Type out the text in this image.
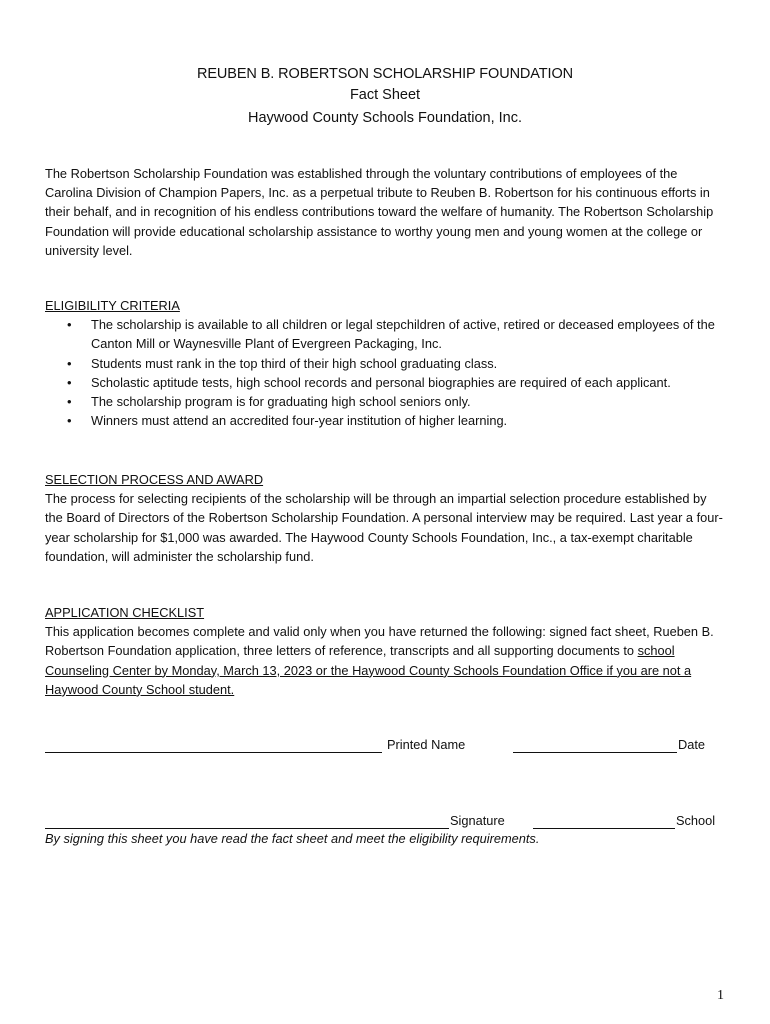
REUBEN B. ROBERTSON SCHOLARSHIP FOUNDATION
Fact Sheet
Haywood County Schools Foundation, Inc.

The Robertson Scholarship Foundation was established through the voluntary contributions of employees of the Carolina Division of Champion Papers, Inc. as a perpetual tribute to Reuben B. Robertson for his continuous efforts in their behalf, and in recognition of his endless contributions toward the welfare of humanity. The Robertson Scholarship Foundation will provide educational scholarship assistance to worthy young men and young women at the college or university level.

ELIGIBILITY CRITERIA
• The scholarship is available to all children or legal stepchildren of active, retired or deceased employees of the Canton Mill or Waynesville Plant of Evergreen Packaging, Inc.
• Students must rank in the top third of their high school graduating class.
• Scholastic aptitude tests, high school records and personal biographies are required of each applicant.
• The scholarship program is for graduating high school seniors only.
• Winners must attend an accredited four-year institution of higher learning.
SELECTION PROCESS AND AWARD

The process for selecting recipients of the scholarship will be through an impartial selection procedure established by the Board of Directors of the Robertson Scholarship Foundation. A personal interview may be required. Last year a four-year scholarship for $1,000 was awarded. The Haywood County Schools Foundation, Inc., a tax-exempt charitable foundation, will administer the scholarship fund.

APPLICATION CHECKLIST

This application becomes complete and valid only when you have returned the following: signed fact sheet, Rueben B. Robertson Foundation application, three letters of reference, transcripts and all supporting documents to school Counseling Center by Monday, March 13, 2023 or the Haywood County Schools Foundation Office if you are not a Haywood County School student.

Printed Name	Date
Signature	School
By signing this sheet you have read the fact sheet and meet the eligibility requirements.
1
